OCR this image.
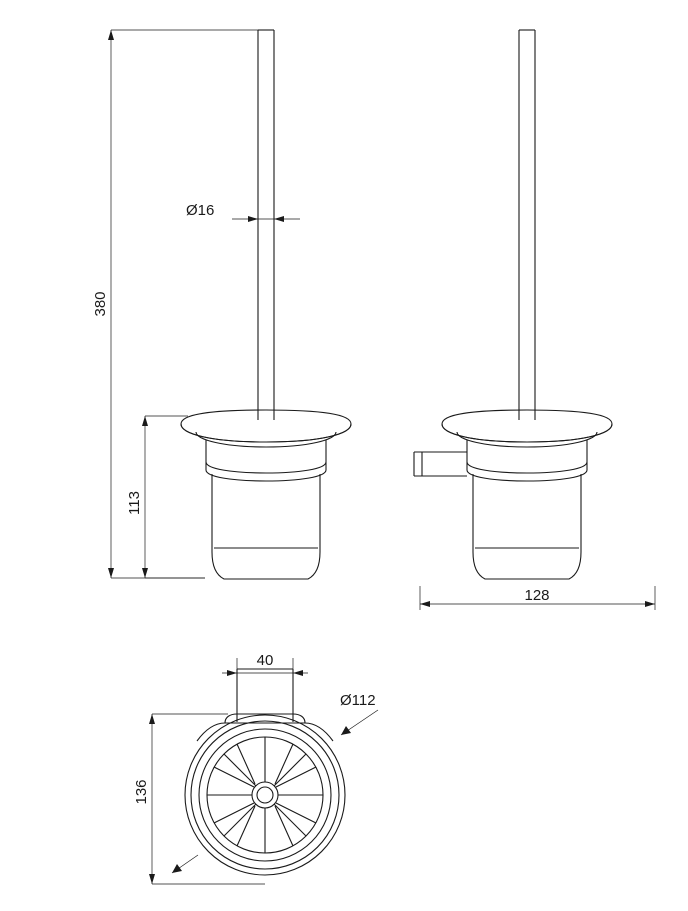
Ø16
380
113
128
40
Ø112
136
